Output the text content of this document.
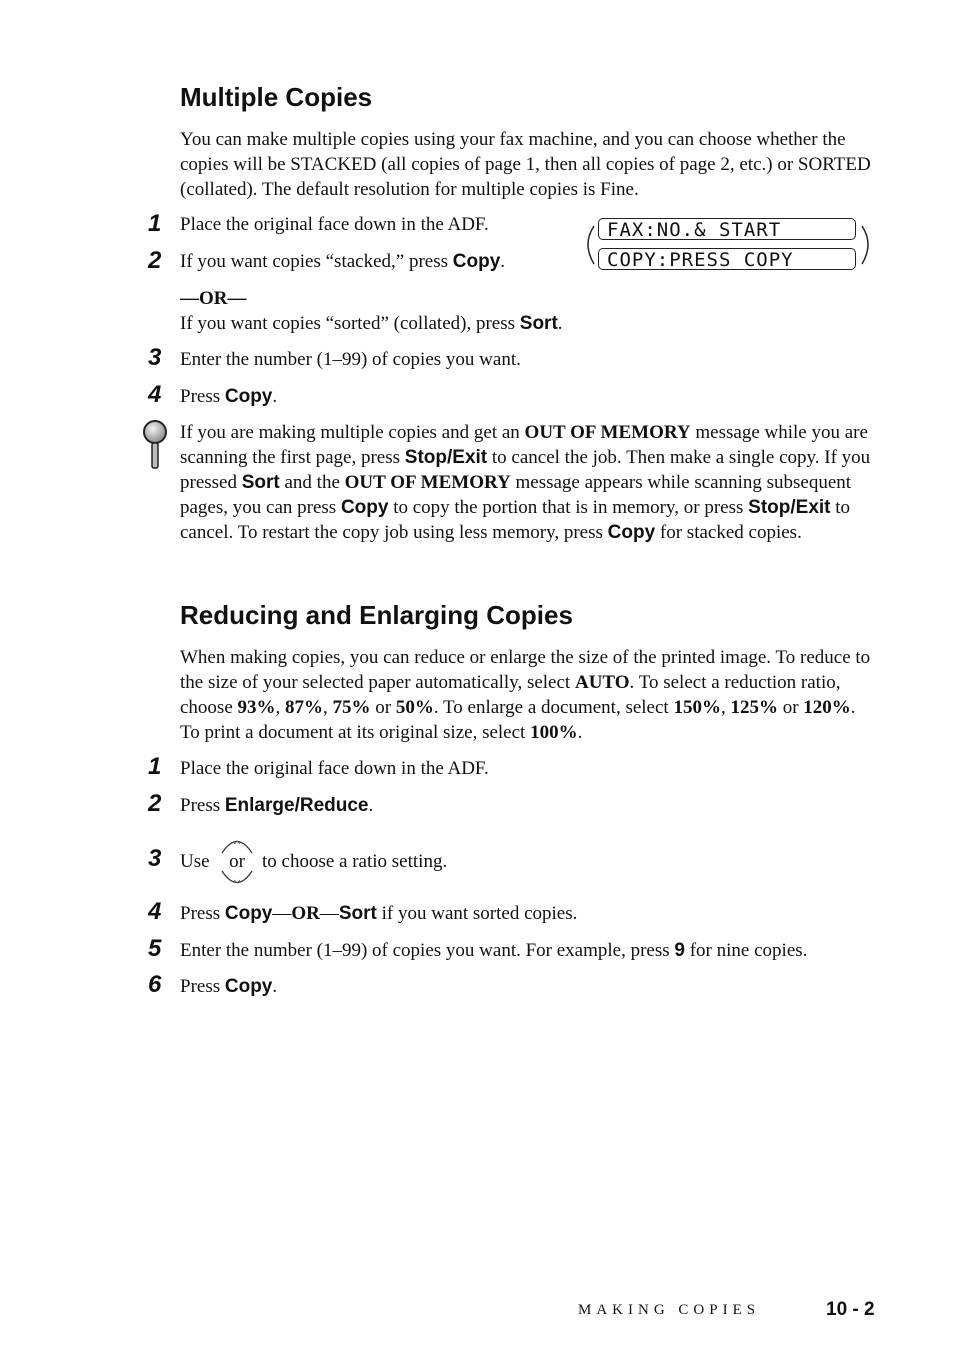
Multiple Copies
You can make multiple copies using your fax machine, and you can choose whether the copies will be STACKED (all copies of page 1, then all copies of page 2, etc.) or SORTED (collated). The default resolution for multiple copies is Fine.
1 Place the original face down in the ADF.
2 If you want copies “stacked,” press Copy.
FAX:NO.& START
COPY:PRESS COPY
—OR—
If you want copies “sorted” (collated), press Sort.
3 Enter the number (1–99) of copies you want.
4 Press Copy.
If you are making multiple copies and get an OUT OF MEMORY message while you are scanning the first page, press Stop/Exit to cancel the job. Then make a single copy. If you pressed Sort and the OUT OF MEMORY message appears while scanning subsequent pages, you can press Copy to copy the portion that is in memory, or press Stop/Exit to cancel. To restart the copy job using less memory, press Copy for stacked copies.
Reducing and Enlarging Copies
When making copies, you can reduce or enlarge the size of the printed image. To reduce to the size of your selected paper automatically, select AUTO. To select a reduction ratio, choose 93%, 87%, 75% or 50%. To enlarge a document, select 150%, 125% or 120%. To print a document at its original size, select 100%.
1 Place the original face down in the ADF.
2 Press Enlarge/Reduce.
3 Use	or to choose a ratio setting.
4 Press Copy—OR—Sort if you want sorted copies.
5 Enter the number (1–99) of copies you want. For example, press 9 for nine copies.
6 Press Copy.
MAKING COPIES	10 - 2
